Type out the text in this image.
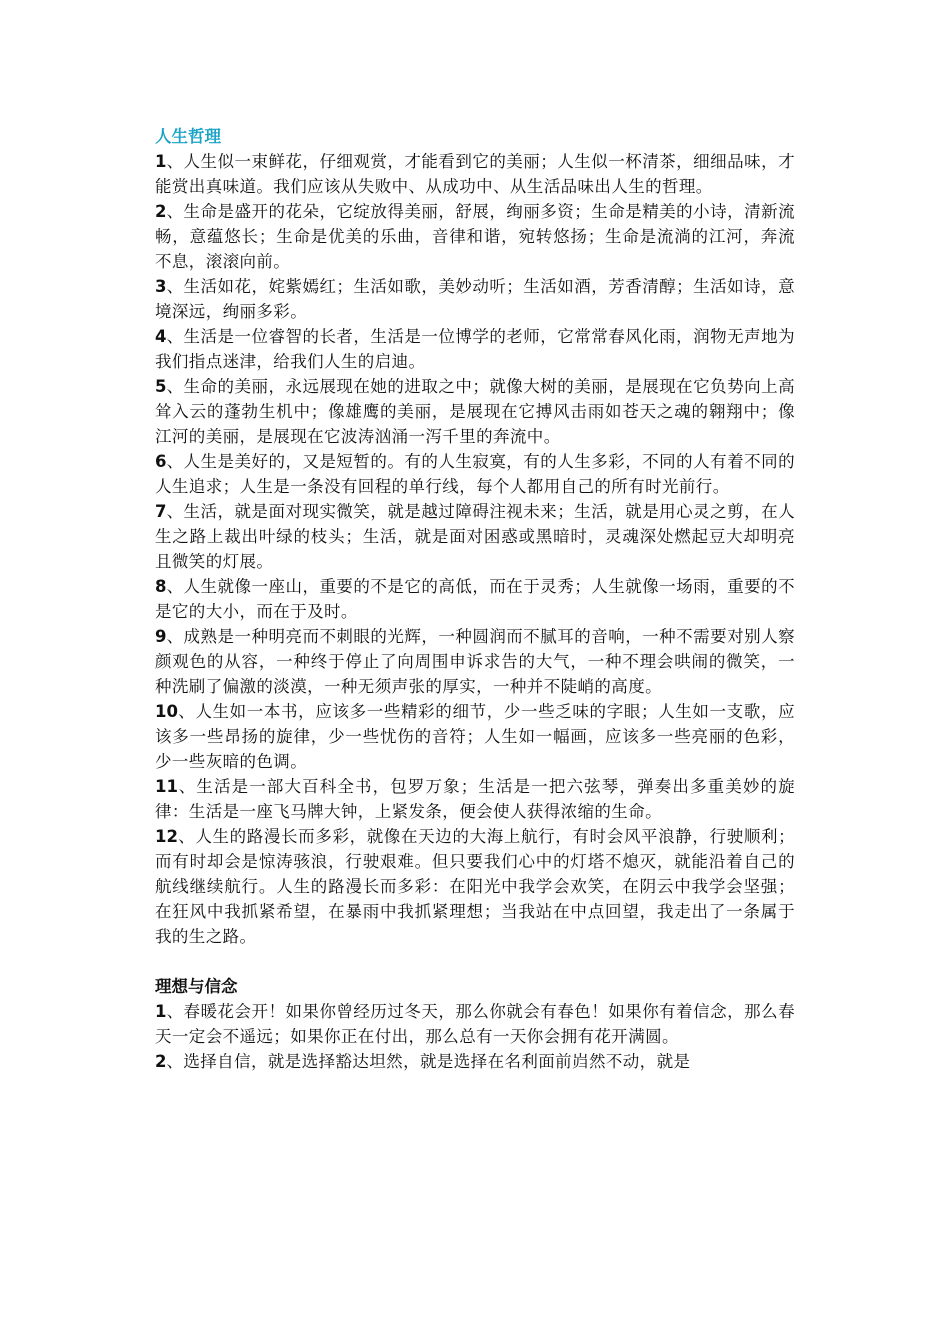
人生哲理

1、人生似一束鲜花，仔细观赏，才能看到它的美丽；人生似一杯清茶，细细品味，才能赏出真味道。我们应该从失败中、从成功中、从生活品味出人生的哲理。

2、生命是盛开的花朵，它绽放得美丽，舒展，绚丽多资；生命是精美的小诗，清新流畅，意蕴悠长；生命是优美的乐曲，音律和谐，宛转悠扬；生命是流淌的江河，奔流不息，滚滚向前。

3、生活如花，姹紫嫣红；生活如歌，美妙动听；生活如酒，芳香清醇；生活如诗，意境深远，绚丽多彩。

4、生活是一位睿智的长者，生活是一位博学的老师，它常常春风化雨，润物无声地为我们指点迷津，给我们人生的启迪。

5、生命的美丽，永远展现在她的进取之中；就像大树的美丽，是展现在它负势向上高耸入云的蓬勃生机中；像雄鹰的美丽，是展现在它搏风击雨如苍天之魂的翱翔中；像江河的美丽，是展现在它波涛汹涌一泻千里的奔流中。

6、人生是美好的，又是短暂的。有的人生寂寞，有的人生多彩，不同的人有着不同的人生追求；人生是一条没有回程的单行线，每个人都用自己的所有时光前行。

7、生活，就是面对现实微笑，就是越过障碍注视未来；生活，就是用心灵之剪，在人生之路上裁出叶绿的枝头；生活，就是面对困惑或黑暗时，灵魂深处燃起豆大却明亮且微笑的灯展。

8、人生就像一座山，重要的不是它的高低，而在于灵秀；人生就像一场雨，重要的不是它的大小，而在于及时。

9、成熟是一种明亮而不刺眼的光辉，一种圆润而不腻耳的音响，一种不需要对别人察颜观色的从容，一种终于停止了向周围申诉求告的大气，一种不理会哄闹的微笑，一种洗刷了偏激的淡漠，一种无须声张的厚实，一种并不陡峭的高度。

10、人生如一本书，应该多一些精彩的细节，少一些乏味的字眼；人生如一支歌，应该多一些昂扬的旋律，少一些忧伤的音符；人生如一幅画，应该多一些亮丽的色彩，少一些灰暗的色调。

11、生活是一部大百科全书，包罗万象；生活是一把六弦琴，弹奏出多重美妙的旋律：生活是一座飞马牌大钟，上紧发条，便会使人获得浓缩的生命。

12、人生的路漫长而多彩，就像在天边的大海上航行，有时会风平浪静，行驶顺利；而有时却会是惊涛骇浪，行驶艰难。但只要我们心中的灯塔不熄灭，就能沿着自己的航线继续航行。人生的路漫长而多彩：在阳光中我学会欢笑，在阴云中我学会坚强；在狂风中我抓紧希望，在暴雨中我抓紧理想；当我站在中点回望，我走出了一条属于我的生之路。

理想与信念

1、春暖花会开！如果你曾经历过冬天，那么你就会有春色！如果你有着信念，那么春天一定会不遥远；如果你正在付出，那么总有一天你会拥有花开满圆。

2、选择自信，就是选择豁达坦然，就是选择在名利面前岿然不动，就是
